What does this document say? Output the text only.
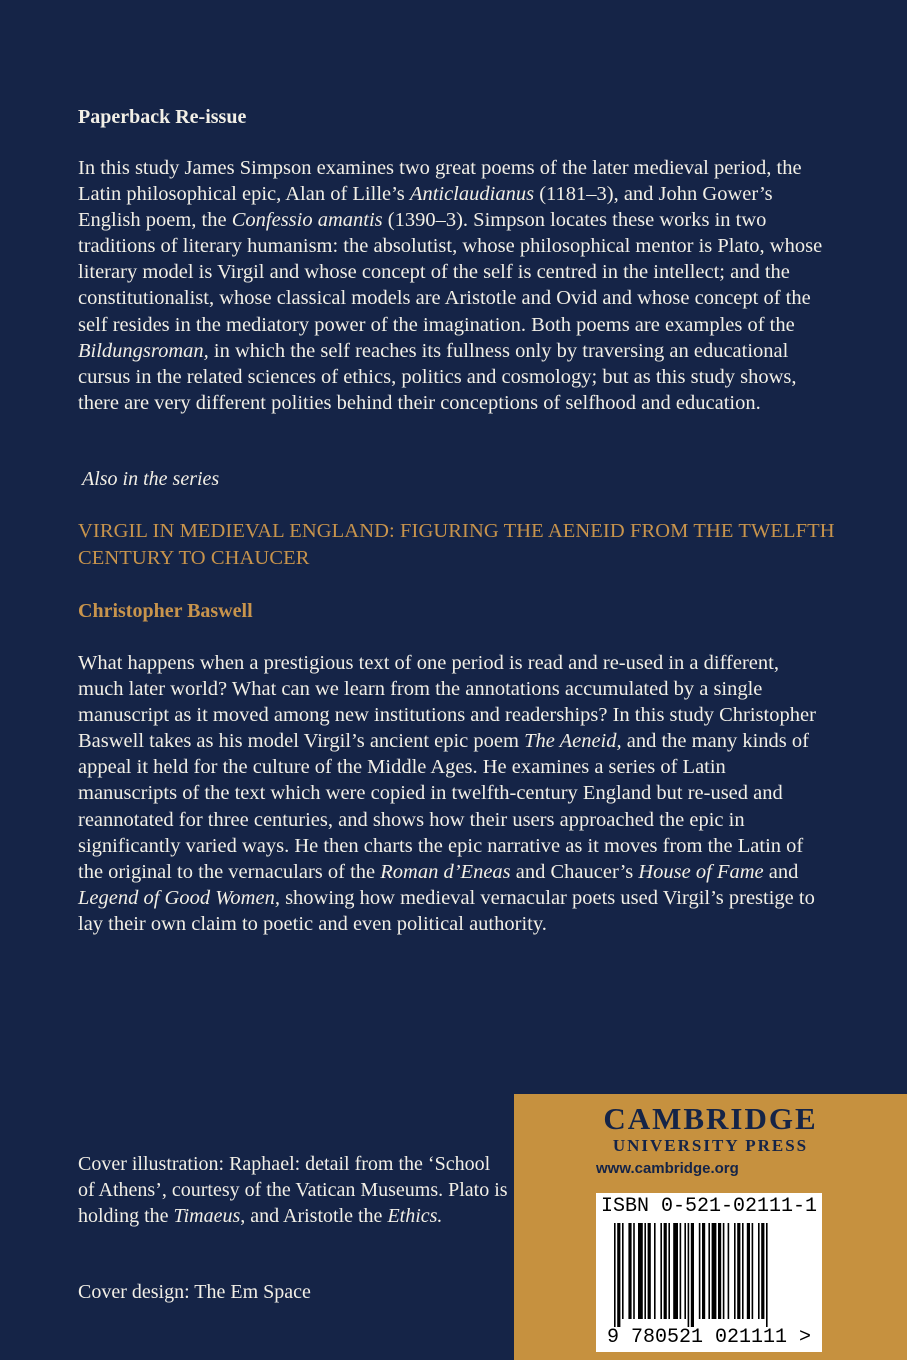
Paperback Re-issue

In this study James Simpson examines two great poems of the later medieval period, the Latin philosophical epic, Alan of Lille’s Anticlaudianus (1181–3), and John Gower’s English poem, the Confessio amantis (1390–3). Simpson locates these works in two traditions of literary humanism: the absolutist, whose philosophical mentor is Plato, whose literary model is Virgil and whose concept of the self is centred in the intellect; and the constitutionalist, whose classical models are Aristotle and Ovid and whose concept of the self resides in the mediatory power of the imagination. Both poems are examples of the Bildungsroman, in which the self reaches its fullness only by traversing an educational cursus in the related sciences of ethics, politics and cosmology; but as this study shows, there are very different polities behind their conceptions of selfhood and education.

Also in the series
VIRGIL IN MEDIEVAL ENGLAND: FIGURING THE AENEID FROM THE TWELFTH CENTURY TO CHAUCER
Christopher Baswell

What happens when a prestigious text of one period is read and re-used in a different, much later world? What can we learn from the annotations accumulated by a single manuscript as it moved among new institutions and readerships? In this study Christopher Baswell takes as his model Virgil’s ancient epic poem The Aeneid, and the many kinds of appeal it held for the culture of the Middle Ages. He examines a series of Latin manuscripts of the text which were copied in twelfth-century England but re-used and reannotated for three centuries, and shows how their users approached the epic in significantly varied ways. He then charts the epic narrative as it moves from the Latin of the original to the vernaculars of the Roman d’Eneas and Chaucer’s House of Fame and Legend of Good Women, showing how medieval vernacular poets used Virgil’s prestige to lay their own claim to poetic and even political authority.

Cover illustration: Raphael: detail from the ‘School of Athens’, courtesy of the Vatican Museums. Plato is holding the Timaeus, and Aristotle the Ethics.
Cover design: The Em Space
CAMBRIDGE
UNIVERSITY PRESS
www.cambridge.org
ISBN 0-521-02111-1
9 780521 021111 >
